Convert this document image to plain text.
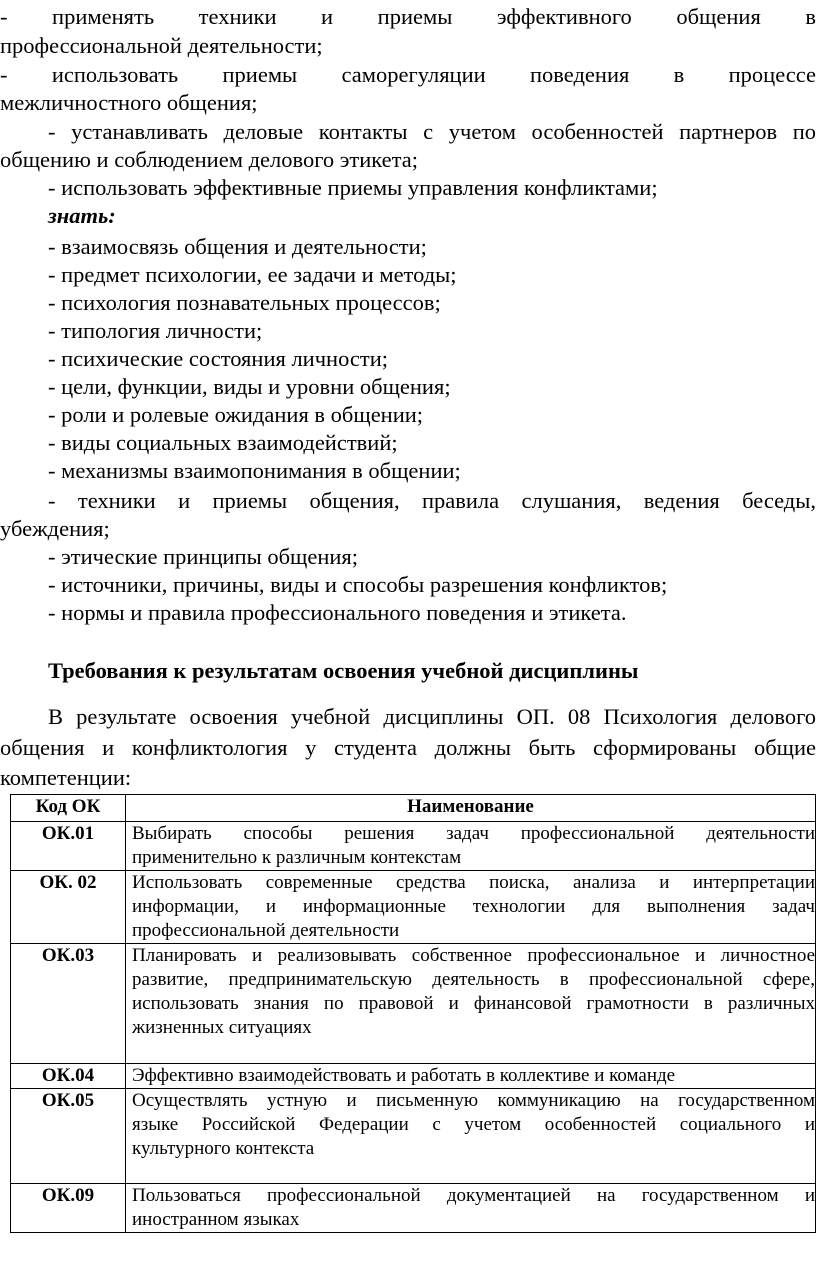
- применять техники и приемы эффективного общения в
профессиональной деятельности;
- использовать приемы саморегуляции поведения в процессе
межличностного общения;
- устанавливать деловые контакты с учетом особенностей партнеров по
общению и соблюдением делового этикета;
- использовать эффективные приемы управления конфликтами;
знать:
- взаимосвязь общения и деятельности;
- предмет психологии, ее задачи и методы;
- психология познавательных процессов;
- типология личности;
- психические состояния личности;
- цели, функции, виды и уровни общения;
- роли и ролевые ожидания в общении;
- виды социальных взаимодействий;
- механизмы взаимопонимания в общении;
- техники и приемы общения, правила слушания, ведения беседы,
убеждения;
- этические принципы общения;
- источники, причины, виды и способы разрешения конфликтов;
- нормы и правила профессионального поведения и этикета.
Требования к результатам освоения учебной дисциплины
В результате освоения учебной дисциплины ОП. 08 Психология делового
общения и конфликтология у студента должны быть сформированы общие
компетенции:
Код ОК	Наименование
ОК.01	Выбирать способы решения задач профессиональной деятельности
применительно к различным контекстам

ОК. 02	Использовать современные средства поиска, анализа и интерпретации
информации, и информационные технологии для выполнения задач
профессиональной деятельности

ОК.03	Планировать и реализовывать собственное профессиональное и личностное
развитие, предпринимательскую деятельность в профессиональной сфере,
использовать знания по правовой и финансовой грамотности в различных
жизненных ситуациях

ОК.04	Эффективно взаимодействовать и работать в коллективе и команде

ОК.05	Осуществлять устную и письменную коммуникацию на государственном
языке Российской Федерации с учетом особенностей социального и
культурного контекста

ОК.09	Пользоваться профессиональной документацией на государственном и
иностранном языках
